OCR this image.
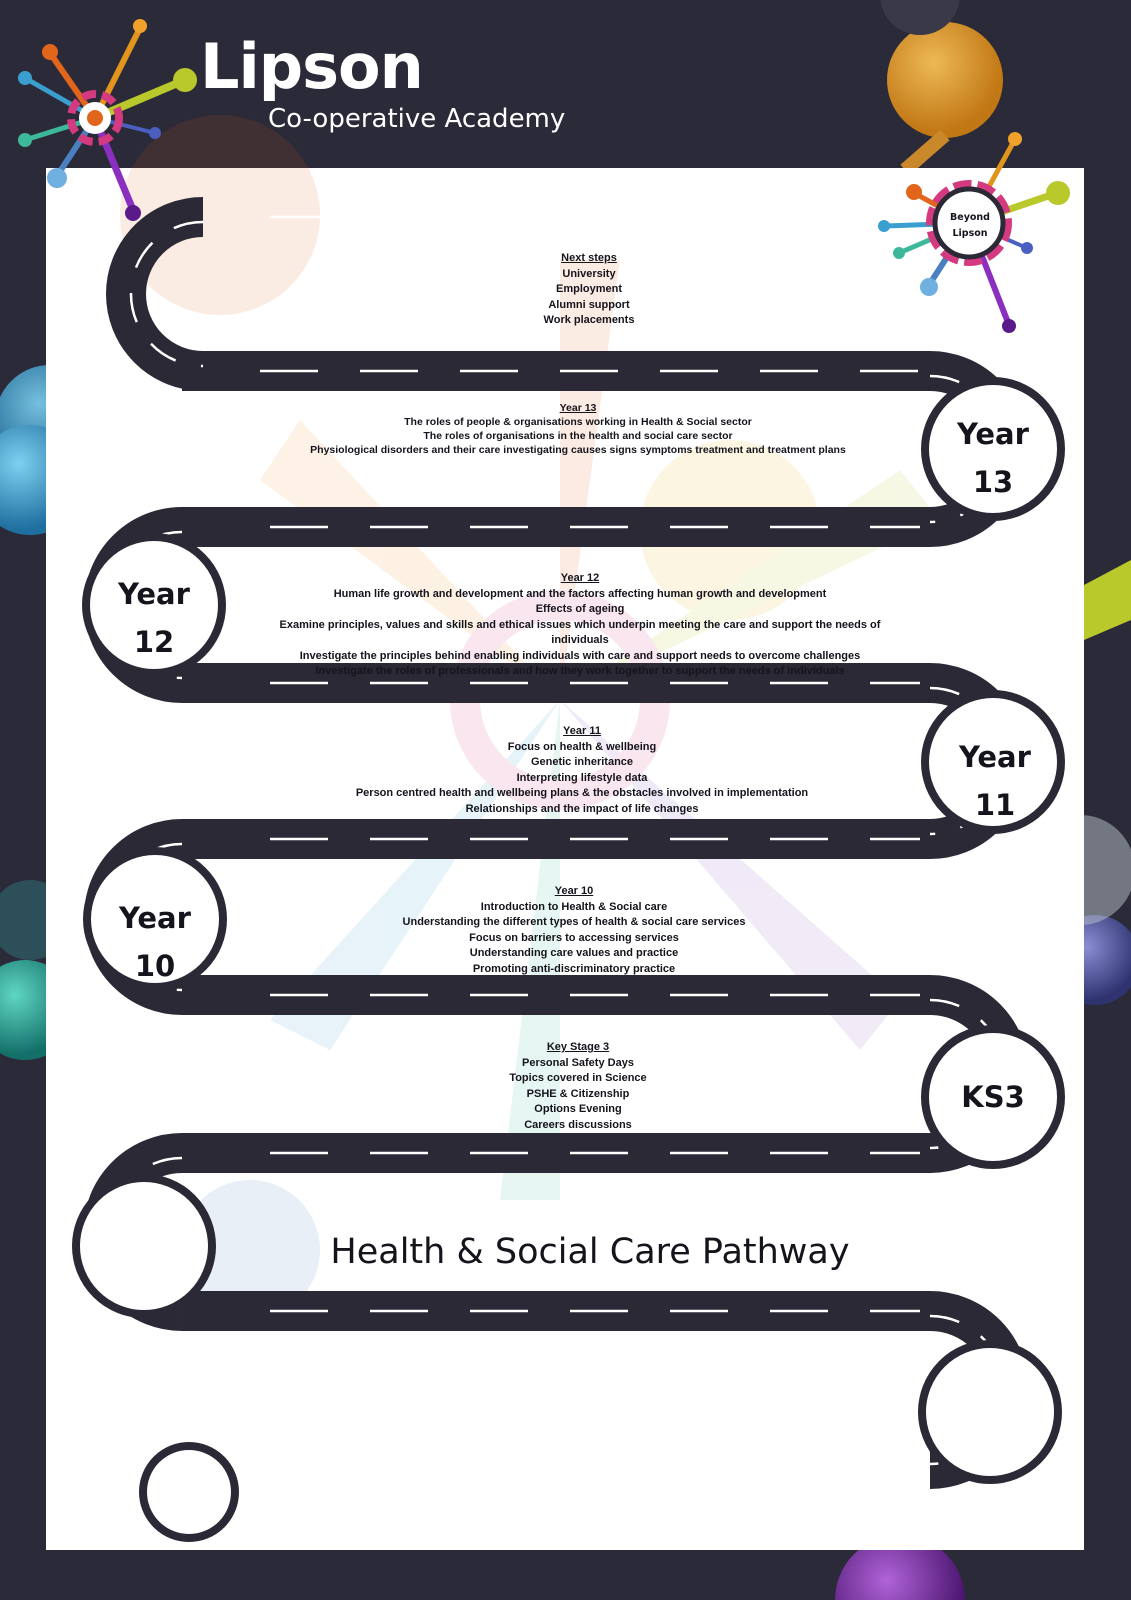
Lipson
Co-operative Academy
Beyond
Lipson
Next steps
University
Employment
Alumni support
Work placements
Year 13
The roles of people & organisations working in Health & Social sector
The roles of organisations in the health and social care sector
Physiological disorders and their care investigating causes signs symptoms treatment and treatment plans	Year
13
Year 12
Human life growth and development and the factors affecting human growth and development
Effects of ageing
Examine principles, values and skills and ethical issues which underpin meeting the care and support the needs of
individuals
Investigate the principles behind enabling individuals with care and support needs to overcome challenges
Investigate the roles of professionals and how they work together to support the needs of individuals
Year
12
Year 11
Focus on health & wellbeing
Genetic inheritance
Interpreting lifestyle data
Person centred health and wellbeing plans & the obstacles involved in implementation
Relationships and the impact of life changes
Year
11
Year 10
Introduction to Health & Social care
Understanding the different types of health & social care services
Focus on barriers to accessing services
Understanding care values and practice
Promoting anti-discriminatory practice
Year
10
Key Stage 3
Personal Safety Days
Topics covered in Science
PSHE & Citizenship
Options Evening
Careers discussions
KS3
Health & Social Care Pathway
